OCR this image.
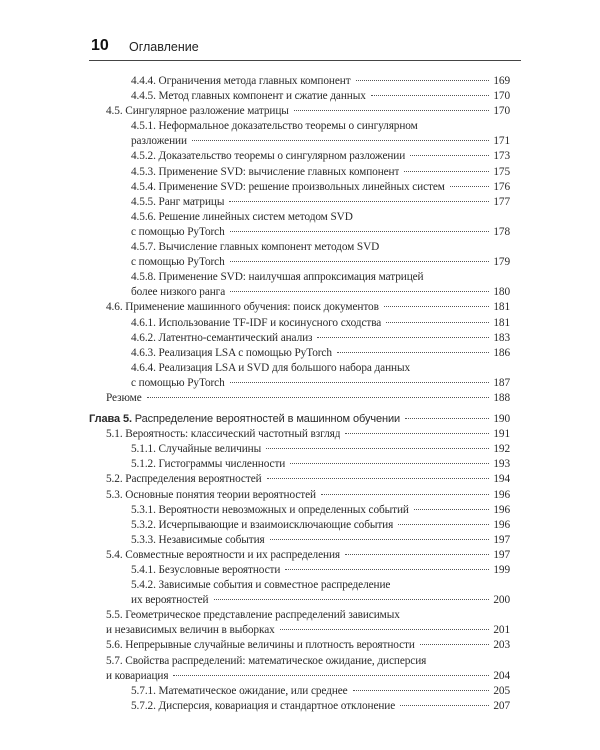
10 Оглавление
4.4.4. Ограничения метода главных компонент	169
4.4.5. Метод главных компонент и сжатие данных	170
4.5. Сингулярное разложение матрицы	170
4.5.1. Неформальное доказательство теоремы о сингулярном
разложении	171
4.5.2. Доказательство теоремы о сингулярном разложении	173
4.5.3. Применение SVD: вычисление главных компонент	175
4.5.4. Применение SVD: решение произвольных линейных систем	176
4.5.5. Ранг матрицы	177
4.5.6. Решение линейных систем методом SVD
с помощью PyTorch	178
4.5.7. Вычисление главных компонент методом SVD
с помощью PyTorch	179
4.5.8. Применение SVD: наилучшая аппроксимация матрицей
более низкого ранга	180
4.6. Применение машинного обучения: поиск документов	181
4.6.1. Использование TF-IDF и косинусного сходства	181
4.6.2. Латентно-семантический анализ	183
4.6.3. Реализация LSA с помощью PyTorch	186
4.6.4. Реализация LSA и SVD для большого набора данных
с помощью PyTorch	187
Резюме	188
Глава 5. Распределение вероятностей в машинном обучении	190
5.1. Вероятность: классический частотный взгляд	191
5.1.1. Случайные величины	192
5.1.2. Гистограммы численности	193
5.2. Распределения вероятностей	194
5.3. Основные понятия теории вероятностей	196
5.3.1. Вероятности невозможных и определенных событий	196
5.3.2. Исчерпывающие и взаимоисключающие события	196
5.3.3. Независимые события	197
5.4. Совместные вероятности и их распределения	197
5.4.1. Безусловные вероятности	199
5.4.2. Зависимые события и совместное распределение
их вероятностей	200
5.5. Геометрическое представление распределений зависимых
и независимых величин в выборках	201
5.6. Непрерывные случайные величины и плотность вероятности	203
5.7. Свойства распределений: математическое ожидание, дисперсия
и ковариация	204
5.7.1. Математическое ожидание, или среднее	205
5.7.2. Дисперсия, ковариация и стандартное отклонение	207
